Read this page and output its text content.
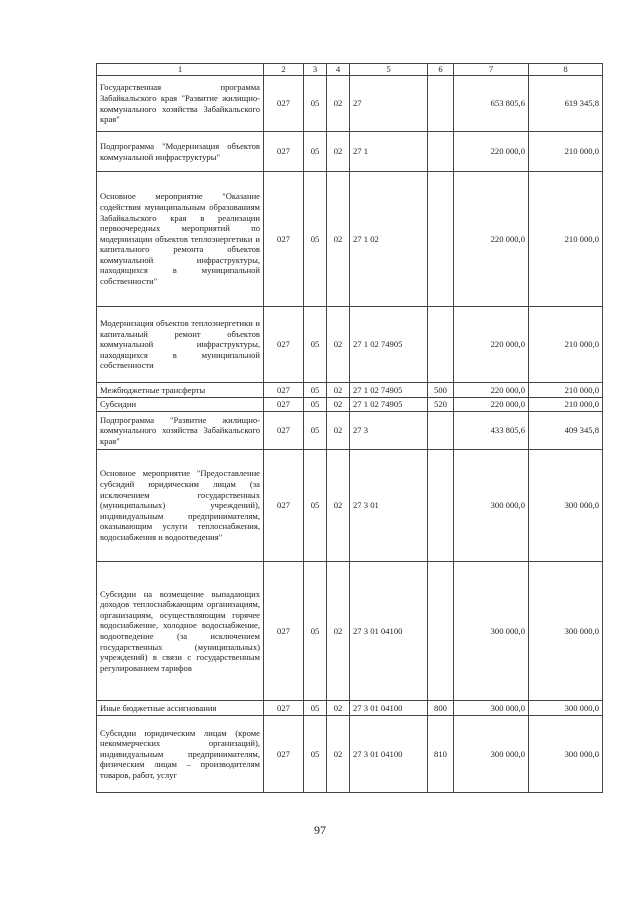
1	2	3	4	5	6	7	8
Государственная программа Забайкальского края "Развитие жилищно-коммунального хозяйства Забайкальского края"	027	05	02	27		653 805,6	619 345,8
Подпрограмма "Модернизация объектов коммунальной инфраструктуры"	027	05	02	27 1		220 000,0	210 000,0
Основное мероприятие "Оказание содействия муниципальным образованиям Забайкальского края в реализации первоочередных мероприятий по модернизации объектов теплоэнергетики и капитального ремонта объектов коммунальной инфраструктуры, находящихся в муниципальной собственности"	027	05	02	27 1 02		220 000,0	210 000,0
Модернизация объектов теплоэнергетики и капитальный ремонт объектов коммунальной инфраструктуры, находящихся в муниципальной собственности	027	05	02	27 1 02 74905		220 000,0	210 000,0
Межбюджетные трансферты	027	05	02	27 1 02 74905	500	220 000,0	210 000,0
Субсидии	027	05	02	27 1 02 74905	520	220 000,0	210 000,0
Подпрограмма "Развитие жилищно-коммунального хозяйства Забайкальского края"	027	05	02	27 3		433 805,6	409 345,8
Основное мероприятие "Предоставление субсидий юридическим лицам (за исключением государственных (муниципальных) учреждений), индивидуальным предпринимателям, оказывающим услуги теплоснабжения, водоснабжения и водоотведения"	027	05	02	27 3 01		300 000,0	300 000,0
Субсидии на возмещение выпадающих доходов теплоснабжающим организациям, организациям, осуществляющим горячее водоснабжение, холодное водоснабжение, водоотведение (за исключением государственных (муниципальных) учреждений) в связи с государственным регулированием тарифов	027	05	02	27 3 01 04100		300 000,0	300 000,0
Иные бюджетные ассигнования	027	05	02	27 3 01 04100	800	300 000,0	300 000,0
Субсидии юридическим лицам (кроме некоммерческих организаций), индивидуальным предпринимателям, физическим лицам – производителям товаров, работ, услуг	027	05	02	27 3 01 04100	810	300 000,0	300 000,0
97
